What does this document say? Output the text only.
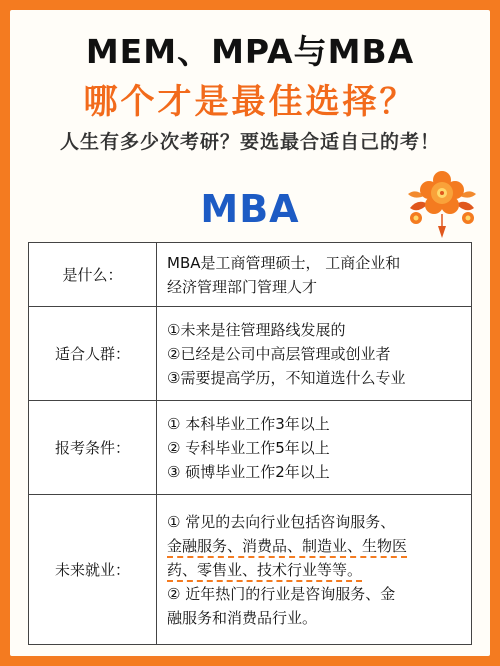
MEM、MPA与MBA
哪个才是最佳选择？
人生有多少次考研？要选最合适自己的考！
MBA
是什么：	MBA是工商管理硕士， 工商企业和
经济管理部门管理人才

适合人群：	①未来是往管理路线发展的
②已经是公司中高层管理或创业者
③需要提高学历，不知道选什么专业

报考条件：	① 本科毕业工作3年以上
② 专科毕业工作5年以上
③ 硕博毕业工作2年以上

未来就业：	① 常见的去向行业包括咨询服务、
金融服务、消费品、制造业、生物医
药、零售业、技术行业等等。
② 近年热门的行业是咨询服务、金
融服务和消费品行业。
